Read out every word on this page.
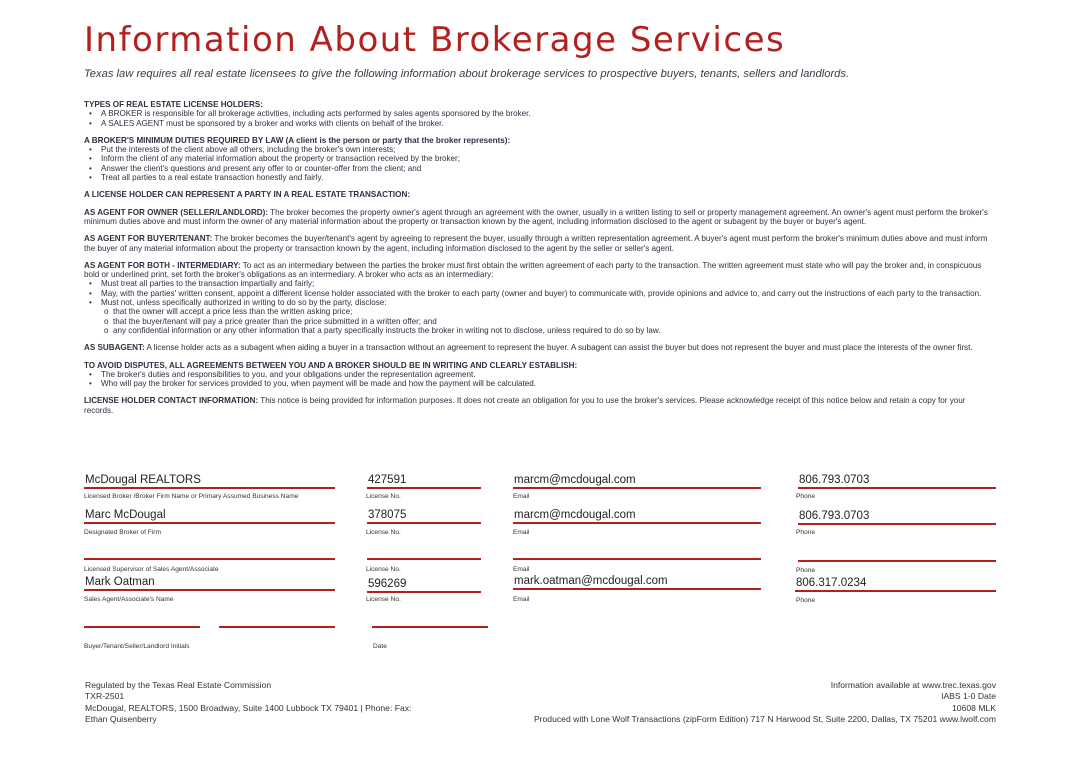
Information About Brokerage Services
Texas law requires all real estate licensees to give the following information about brokerage services to prospective buyers, tenants, sellers and landlords.
TYPES OF REAL ESTATE LICENSE HOLDERS:
• A BROKER is responsible for all brokerage activities, including acts performed by sales agents sponsored by the broker.
• A SALES AGENT must be sponsored by a broker and works with clients on behalf of the broker.
A BROKER'S MINIMUM DUTIES REQUIRED BY LAW (A client is the person or party that the broker represents):
• Put the interests of the client above all others, including the broker's own interests;
• Inform the client of any material information about the property or transaction received by the broker;
• Answer the client's questions and present any offer to or counter-offer from the client; and
• Treat all parties to a real estate transaction honestly and fairly.

A LICENSE HOLDER CAN REPRESENT A PARTY IN A REAL ESTATE TRANSACTION:

AS AGENT FOR OWNER (SELLER/LANDLORD): The broker becomes the property owner's agent through an agreement with the owner, usually in a written listing to sell or property management agreement. An owner's agent must perform the broker's minimum duties above and must inform the owner of any material information about the property or transaction known by the agent, including information disclosed to the agent or subagent by the buyer or buyer's agent.

AS AGENT FOR BUYER/TENANT: The broker becomes the buyer/tenant's agent by agreeing to represent the buyer, usually through a written representation agreement. A buyer's agent must perform the broker's minimum duties above and must inform the buyer of any material information about the property or transaction known by the agent, including information disclosed to the agent by the seller or seller's agent.

AS AGENT FOR BOTH - INTERMEDIARY: To act as an intermediary between the parties the broker must first obtain the written agreement of each party to the transaction. The written agreement must state who will pay the broker and, in conspicuous bold or underlined print, set forth the broker's obligations as an intermediary. A broker who acts as an intermediary:
• Must treat all parties to the transaction impartially and fairly;
• May, with the parties' written consent, appoint a different license holder associated with the broker to each party (owner and buyer) to communicate with, provide opinions and advice to, and carry out the instructions of each party to the transaction.
• Must not, unless specifically authorized in writing to do so by the party, disclose:
o that the owner will accept a price less than the written asking price;
o that the buyer/tenant will pay a price greater than the price submitted in a written offer; and
o any confidential information or any other information that a party specifically instructs the broker in writing not to disclose, unless required to do so by law.

AS SUBAGENT: A license holder acts as a subagent when aiding a buyer in a transaction without an agreement to represent the buyer. A subagent can assist the buyer but does not represent the buyer and must place the interests of the owner first.

TO AVOID DISPUTES, ALL AGREEMENTS BETWEEN YOU AND A BROKER SHOULD BE IN WRITING AND CLEARLY ESTABLISH:
• The broker's duties and responsibilities to you, and your obligations under the representation agreement.
• Who will pay the broker for services provided to you, when payment will be made and how the payment will be calculated.

LICENSE HOLDER CONTACT INFORMATION: This notice is being provided for information purposes. It does not create an obligation for you to use the broker's services. Please acknowledge receipt of this notice below and retain a copy for your records.

McDougal REALTORS	427591	marcm@mcdougal.com	806.793.0703
Licensed Broker /Broker Firm Name or Primary Assumed Business Name	License No.	Email	Phone
Marc McDougal	378075	marcm@mcdougal.com	806.793.0703
Designated Broker of Firm	License No.	Email	Phone
Licensed Supervisor of Sales Agent/Associate	License No.	Email	Phone
Mark Oatman	596269	mark.oatman@mcdougal.com	806.317.0234
Sales Agent/Associate's Name	License No.	Email	Phone
Buyer/Tenant/Seller/Landlord Initials	Date
Regulated by the Texas Real Estate Commission
TXR-2501
McDougal, REALTORS, 1500 Broadway, Suite 1400 Lubbock TX 79401 | Phone: Fax:
Ethan Quisenberry
Information available at www.trec.texas.gov
IABS 1-0 Date
10608 MLK
Produced with Lone Wolf Transactions (zipForm Edition) 717 N Harwood St, Suite 2200, Dallas, TX 75201 www.lwolf.com
